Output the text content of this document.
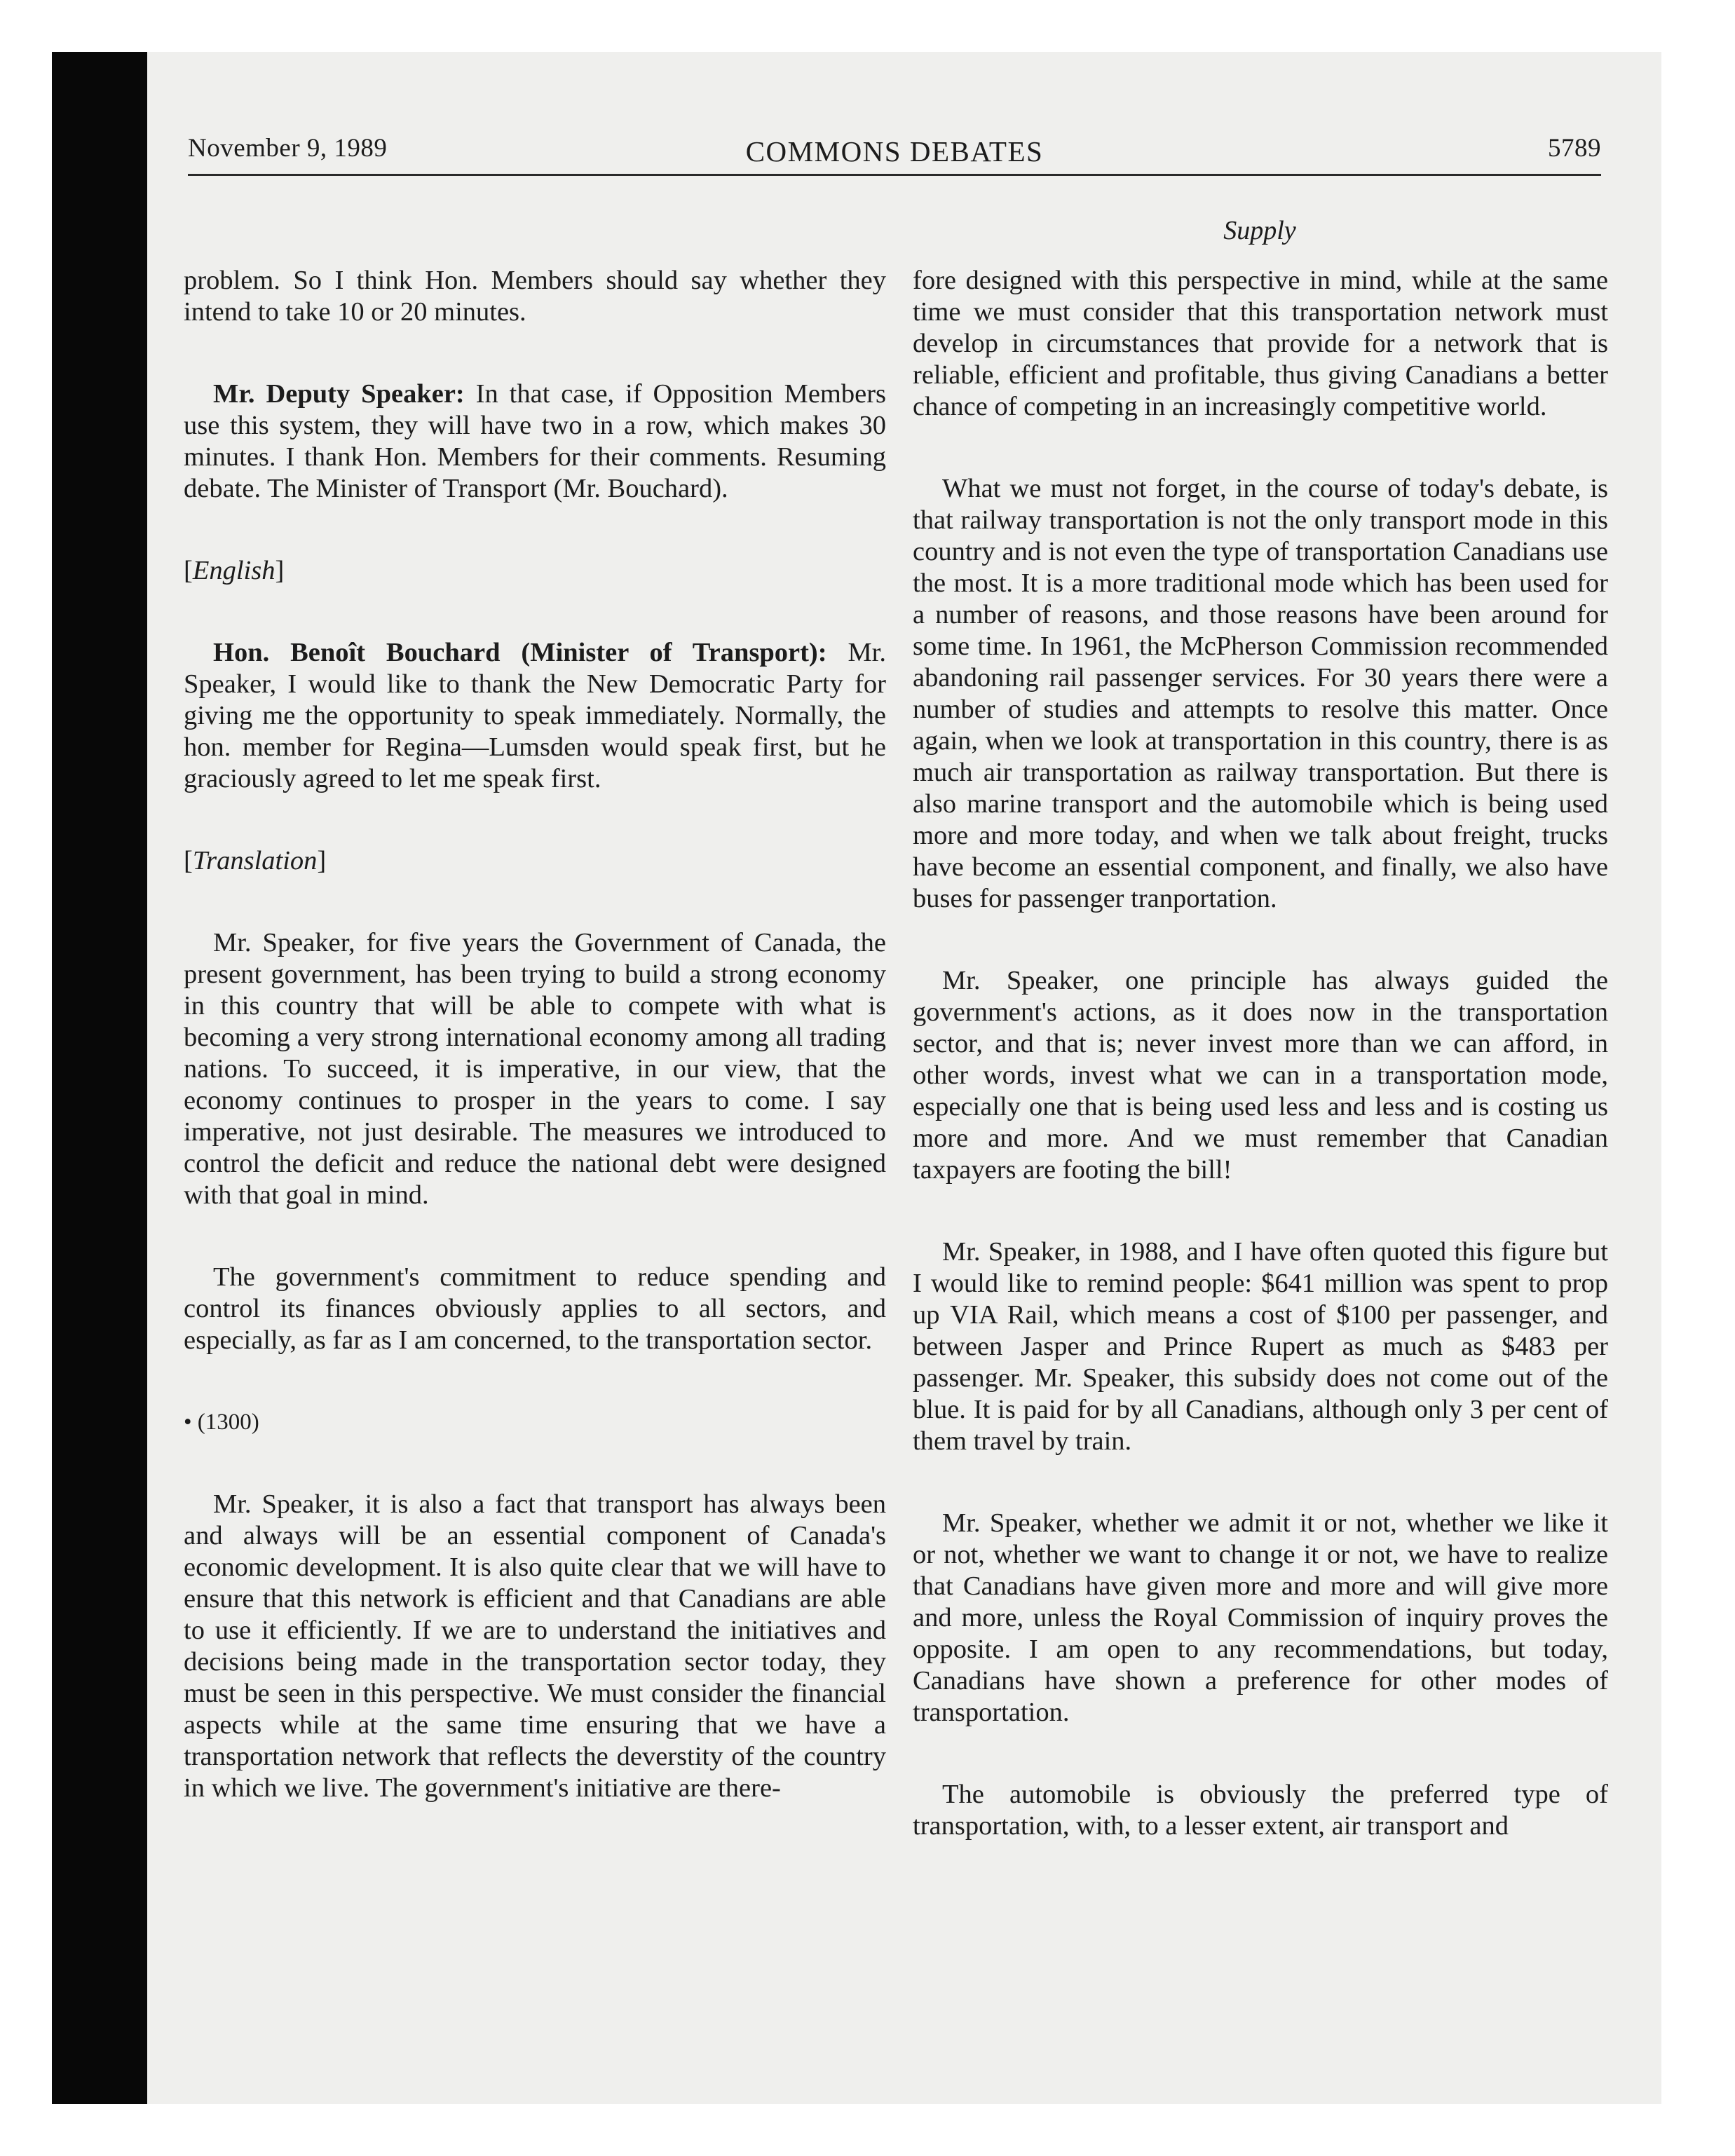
November 9, 1989	COMMONS DEBATES	5789
Supply

problem. So I think Hon. Members should say whether they intend to take 10 or 20 minutes.

Mr. Deputy Speaker: In that case, if Opposition Members use this system, they will have two in a row, which makes 30 minutes. I thank Hon. Members for their comments. Resuming debate. The Minister of Transport (Mr. Bouchard).

[English]

Hon. Benoît Bouchard (Minister of Transport): Mr. Speaker, I would like to thank the New Democratic Party for giving me the opportunity to speak immediately. Normally, the hon. member for Regina—Lumsden would speak first, but he graciously agreed to let me speak first.

[Translation]

Mr. Speaker, for five years the Government of Canada, the present government, has been trying to build a strong economy in this country that will be able to compete with what is becoming a very strong international economy among all trading nations. To succeed, it is imperative, in our view, that the economy continues to prosper in the years to come. I say imperative, not just desirable. The measures we introduced to control the deficit and reduce the national debt were designed with that goal in mind.

The government's commitment to reduce spending and control its finances obviously applies to all sectors, and especially, as far as I am concerned, to the transportation sector.

• (1300)

Mr. Speaker, it is also a fact that transport has always been and always will be an essential component of Canada's economic development. It is also quite clear that we will have to ensure that this network is efficient and that Canadians are able to use it efficiently. If we are to understand the initiatives and decisions being made in the transportation sector today, they must be seen in this perspective. We must consider the financial aspects while at the same time ensuring that we have a transportation network that reflects the deverstity of the country in which we live. The government's initiative are there-

fore designed with this perspective in mind, while at the same time we must consider that this transportation network must develop in circumstances that provide for a network that is reliable, efficient and profitable, thus giving Canadians a better chance of competing in an increasingly competitive world.

What we must not forget, in the course of today's debate, is that railway transportation is not the only transport mode in this country and is not even the type of transportation Canadians use the most. It is a more traditional mode which has been used for a number of reasons, and those reasons have been around for some time. In 1961, the McPherson Commission recommended abandoning rail passenger services. For 30 years there were a number of studies and attempts to resolve this matter. Once again, when we look at transportation in this country, there is as much air transportation as railway transportation. But there is also marine transport and the automobile which is being used more and more today, and when we talk about freight, trucks have become an essential component, and finally, we also have buses for passenger tranportation.

Mr. Speaker, one principle has always guided the government's actions, as it does now in the transportation sector, and that is; never invest more than we can afford, in other words, invest what we can in a transportation mode, especially one that is being used less and less and is costing us more and more. And we must remember that Canadian taxpayers are footing the bill!

Mr. Speaker, in 1988, and I have often quoted this figure but I would like to remind people: $641 million was spent to prop up VIA Rail, which means a cost of $100 per passenger, and between Jasper and Prince Rupert as much as $483 per passenger. Mr. Speaker, this subsidy does not come out of the blue. It is paid for by all Canadians, although only 3 per cent of them travel by train.

Mr. Speaker, whether we admit it or not, whether we like it or not, whether we want to change it or not, we have to realize that Canadians have given more and more and will give more and more, unless the Royal Commission of inquiry proves the opposite. I am open to any recommendations, but today, Canadians have shown a preference for other modes of transportation.

The automobile is obviously the preferred type of transportation, with, to a lesser extent, air transport and
